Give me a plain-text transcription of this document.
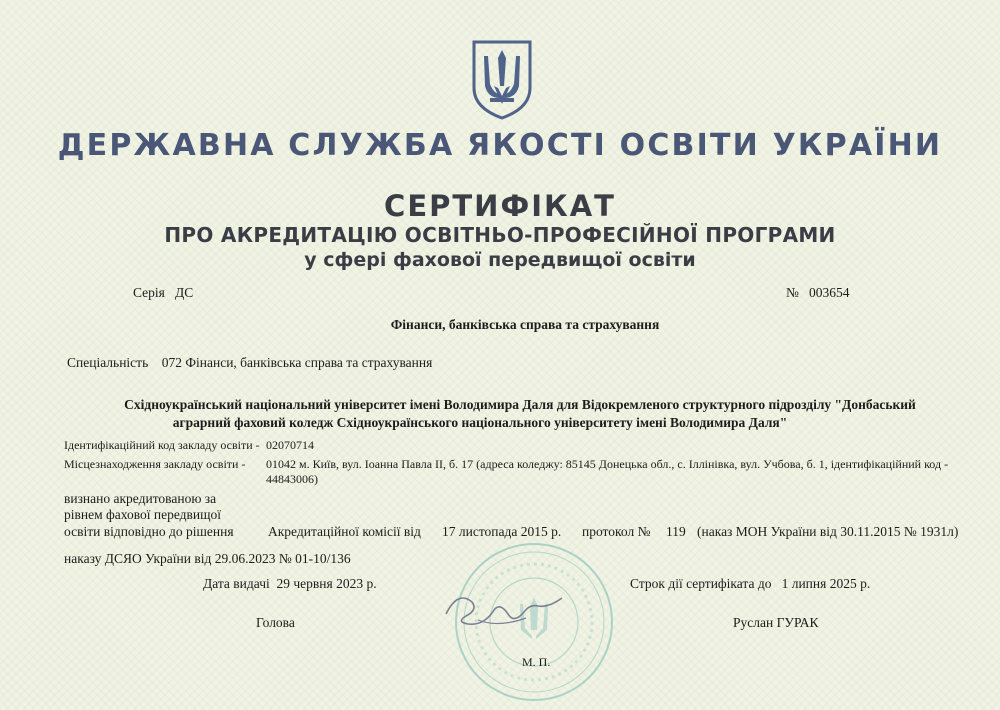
ДЕРЖАВНА СЛУЖБА ЯКОСТІ ОСВІТИ УКРАЇНИ
СЕРТИФІКАТ
ПРО АКРЕДИТАЦІЮ ОСВІТНЬО-ПРОФЕСІЙНОЇ ПРОГРАМИ
у сфері фахової передвищої освіти
Серія ДС	№ 003654
Фінанси, банківська справа та страхування
Спеціальність 072 Фінанси, банківська справа та страхування
Східноукраїнський національний університет імені Володимира Даля для Відокремленого структурного підрозділу "Донбаський
аграрний фаховий коледж Східноукраїнського національного університету імені Володимира Даля"
Ідентифікаційний код закладу освіти - 02070714
Місцезнаходження закладу освіти - 01042 м. Київ, вул. Іоанна Павла ІІ, б. 17 (адреса коледжу: 85145 Донецька обл., с. Іллінівка, вул. Учбова, б. 1, ідентифікаційний код -
44843006)
визнано акредитованою за
рівнем фахової передвищої
освіти відповідно до рішення	Акредитаційної комісії від 17 листопада 2015 р. протокол № 119 (наказ МОН України від 30.11.2015 № 1931л)
наказу ДСЯО України від 29.06.2023 № 01-10/136
Дата видачі 29 червня 2023 р.	Строк дії сертифіката до 1 липня 2025 р.
Голова	Руслан ГУРАК
М. П.
